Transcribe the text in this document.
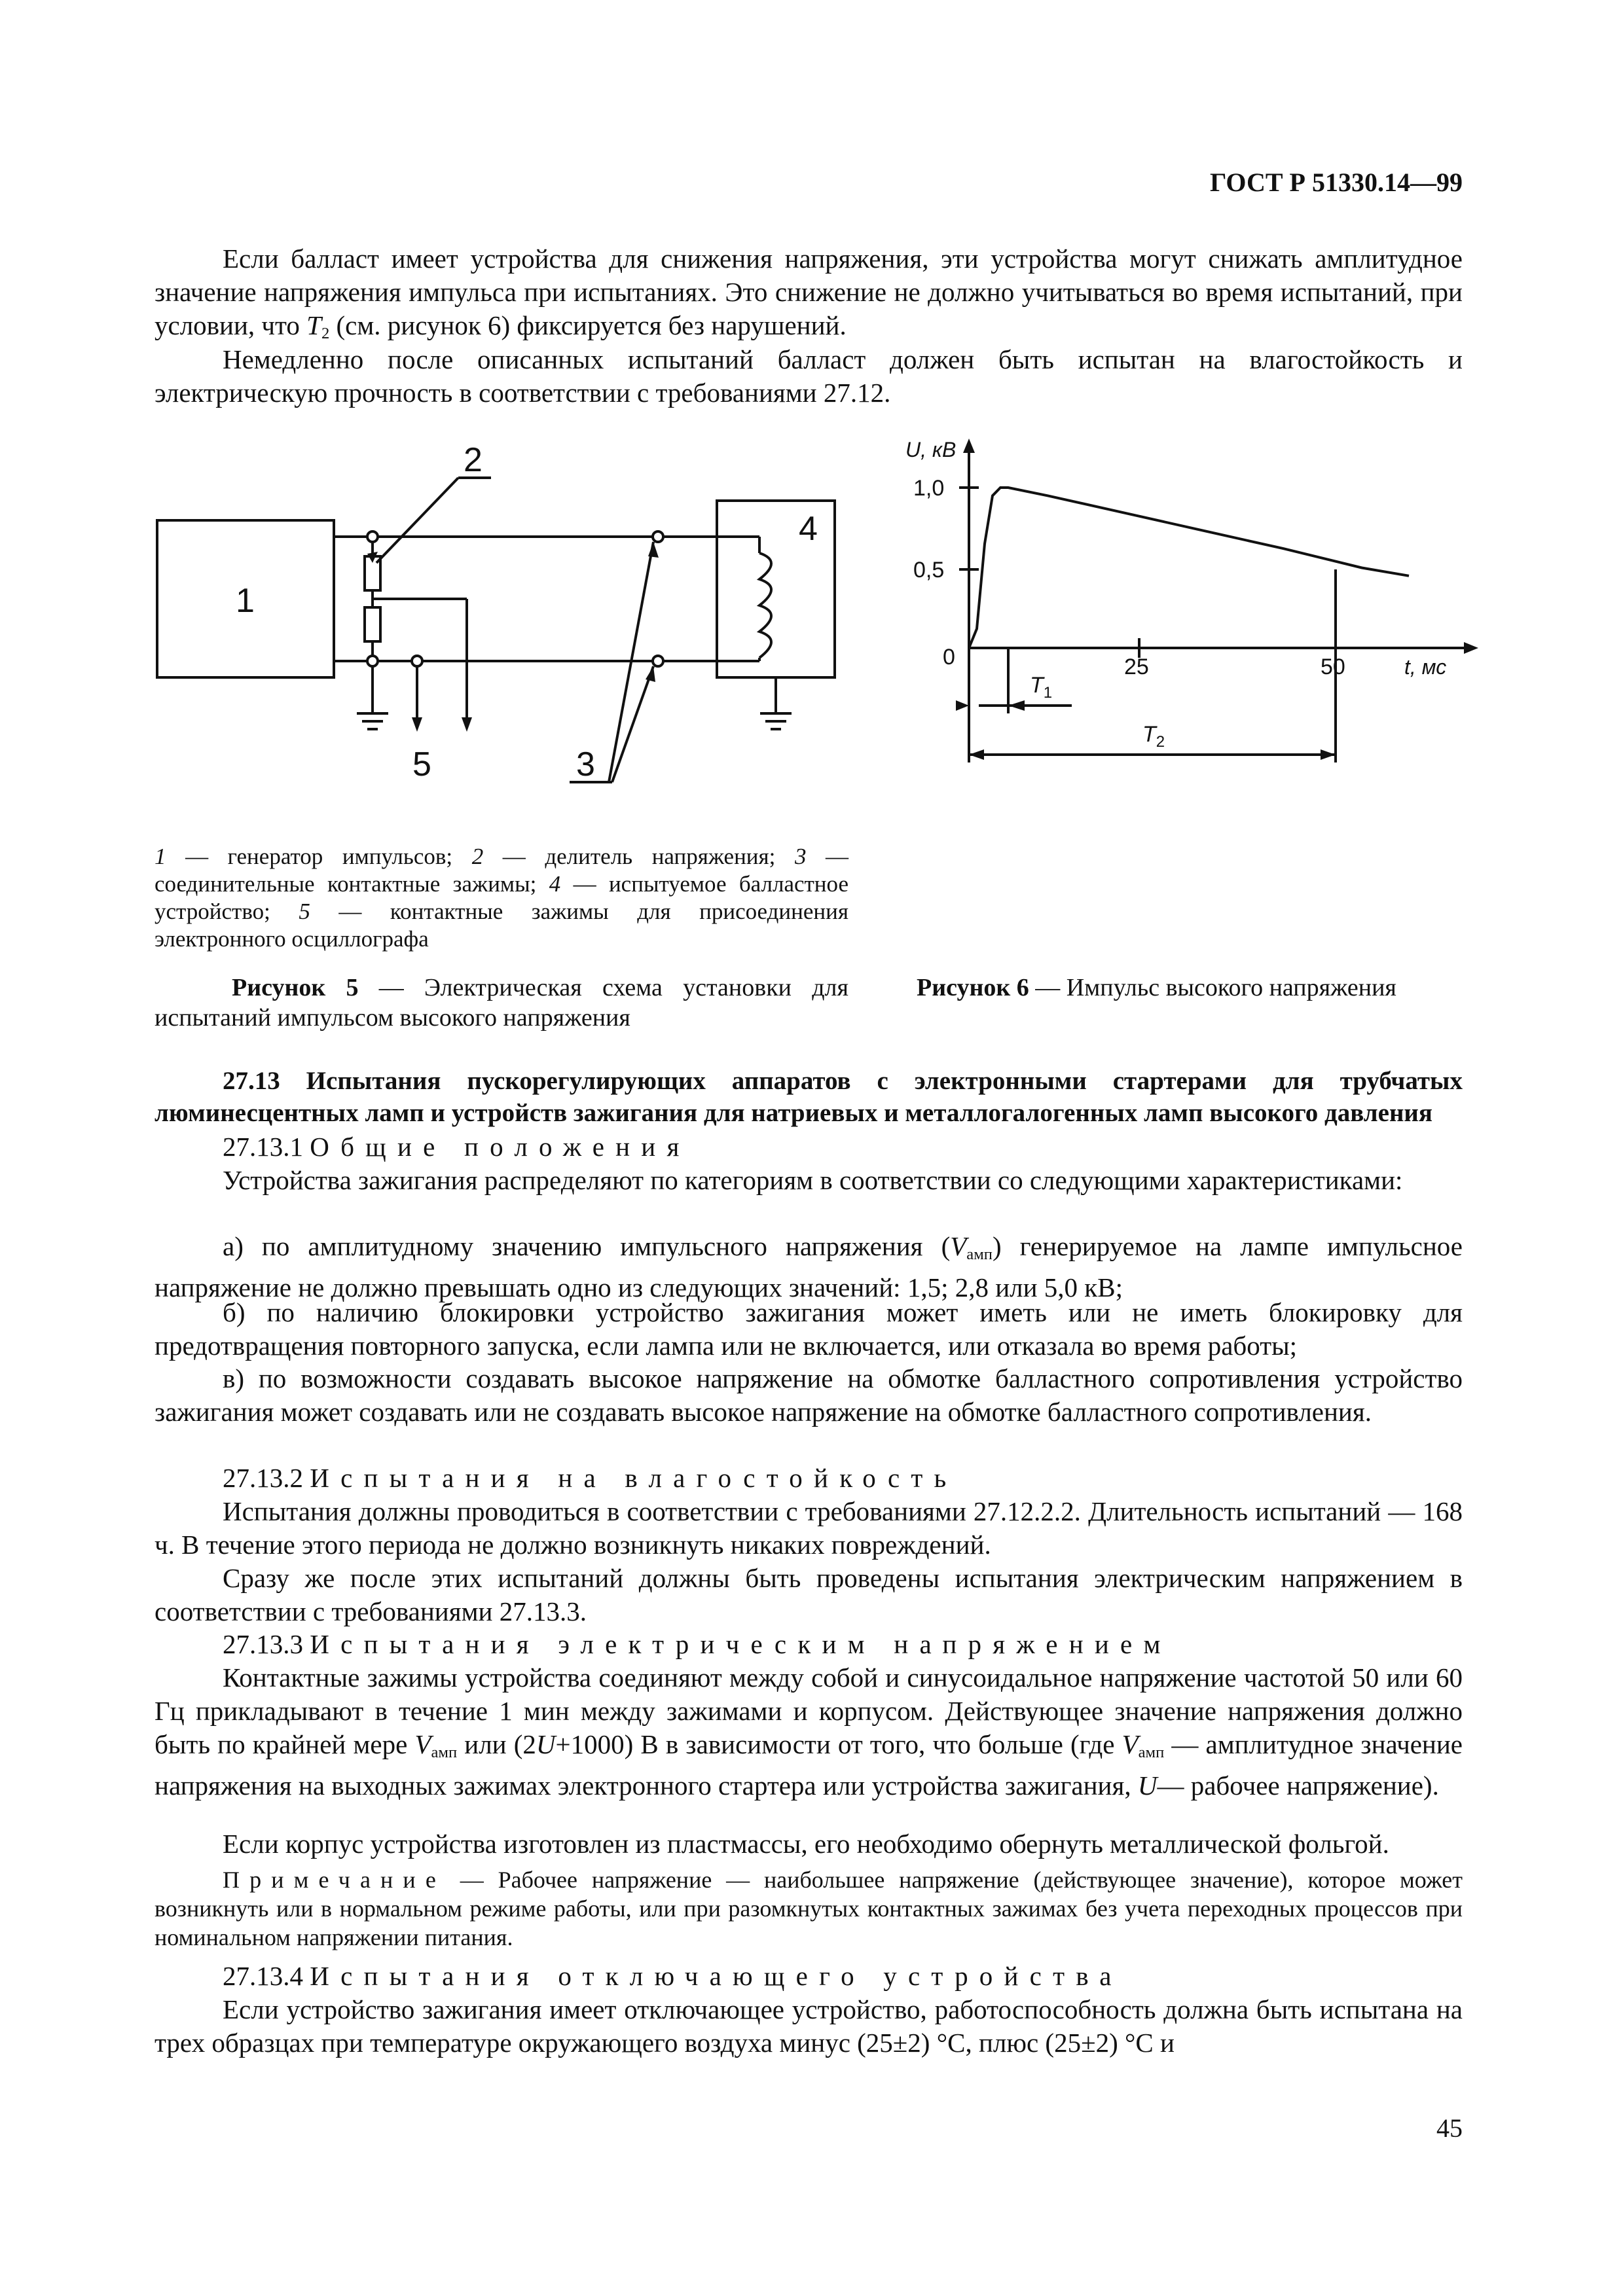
ГОСТ Р 51330.14—99
Если балласт имеет устройства для снижения напряжения, эти устройства могут снижать амплитудное значение напряжения импульса при испытаниях. Это снижение не должно учитываться во время испытаний, при условии, что $T_2$ (см. рисунок 6) фиксируется без нарушений.
Немедленно после описанных испытаний балласт должен быть испытан на влагостойкость и электрическую прочность в соответствии с требованиями 27.12.
1
2
4
5	3
U, кВ
1,0
0,5
0	25	50	t, мс
$T_1$
$T_2$
1 — генератор импульсов; 2 — делитель напряжения; 3 — соединительные контактные зажимы; 4 — испытуемое балластное устройство; 5 — контактные зажимы для присоединения электронного осциллографа
Рисунок 5 — Электрическая схема установки для испытаний импульсом высокого напряжения
Рисунок 6 — Импульс высокого напряжения
27.13 Испытания пускорегулирующих аппаратов с электронными стартерами для трубчатых люминесцентных ламп и устройств зажигания для натриевых и металлогалогенных ламп высокого давления
27.13.1 Общие положения
Устройства зажигания распределяют по категориям в соответствии со следующими характеристиками:
а) по амплитудному значению импульсного напряжения $(V_{амп})$ генерируемое на лампе импульсное напряжение не должно превышать одно из следующих значений: 1,5; 2,8 или 5,0 кВ;
б) по наличию блокировки устройство зажигания может иметь или не иметь блокировку для предотвращения повторного запуска, если лампа или не включается, или отказала во время работы;
в) по возможности создавать высокое напряжение на обмотке балластного сопротивления устройство зажигания может создавать или не создавать высокое напряжение на обмотке балластного сопротивления.
27.13.2 Испытания на влагостойкость
Испытания должны проводиться в соответствии с требованиями 27.12.2.2. Длительность испытаний — 168 ч. В течение этого периода не должно возникнуть никаких повреждений.
Сразу же после этих испытаний должны быть проведены испытания электрическим напряжением в соответствии с требованиями 27.13.3.
27.13.3 Испытания электрическим напряжением
Контактные зажимы устройства соединяют между собой и синусоидальное напряжение частотой 50 или 60 Гц прикладывают в течение 1 мин между зажимами и корпусом. Действующее значение напряжения должно быть по крайней мере $V_{амп}$ или (2U+1000) В в зависимости от того, что больше (где $V_{амп}$ — амплитудное значение напряжения на выходных зажимах электронного стартера или устройства зажигания, U— рабочее напряжение).
Если корпус устройства изготовлен из пластмассы, его необходимо обернуть металлической фольгой.
Примечание — Рабочее напряжение — наибольшее напряжение (действующее значение), которое может возникнуть или в нормальном режиме работы, или при разомкнутых контактных зажимах без учета переходных процессов при номинальном напряжении питания.
27.13.4 Испытания отключающего устройства
Если устройство зажигания имеет отключающее устройство, работоспособность должна быть испытана на трех образцах при температуре окружающего воздуха минус (25±2) °С, плюс (25±2) °С и
45
